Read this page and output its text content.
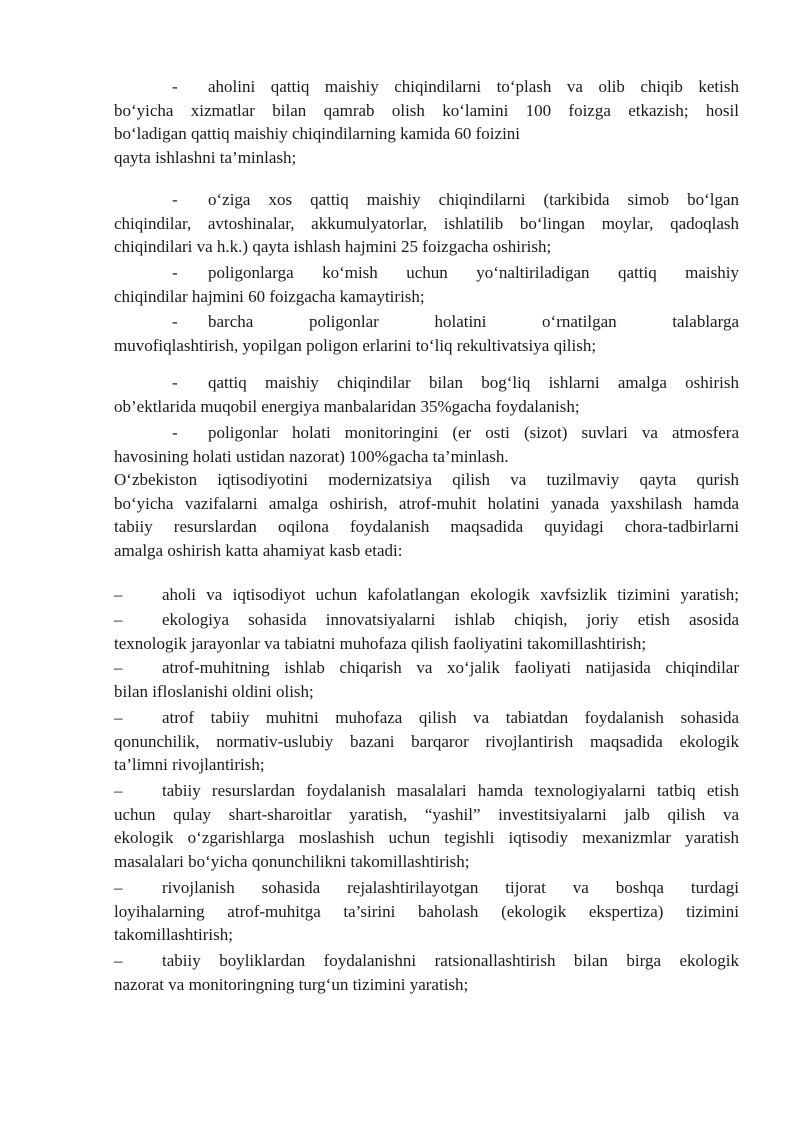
- aholini qattiq maishiy chiqindilarni to‘plash va olib chiqib ketish
bo‘yicha xizmatlar bilan qamrab olish ko‘lamini 100 foizga etkazish; hosil
bo‘ladigan qattiq maishiy chiqindilarning kamida 60 foizini
qayta ishlashni ta’minlash;
- o‘ziga xos qattiq maishiy chiqindilarni (tarkibida simob bo‘lgan
chiqindilar, avtoshinalar, akkumulyatorlar, ishlatilib bo‘lingan moylar, qadoqlash
chiqindilari va h.k.) qayta ishlash hajmini 25 foizgacha oshirish;
- poligonlarga ko‘mish uchun yo‘naltiriladigan qattiq maishiy
chiqindilar hajmini 60 foizgacha kamaytirish;
- barcha poligonlar holatini o‘rnatilgan talablarga
muvofiqlashtirish, yopilgan poligon erlarini to‘liq rekultivatsiya qilish;
- qattiq maishiy chiqindilar bilan bog‘liq ishlarni amalga oshirish
ob’ektlarida muqobil energiya manbalaridan 35%gacha foydalanish;
- poligonlar holati monitoringini (er osti (sizot) suvlari va atmosfera
havosining holati ustidan nazorat) 100%gacha ta’minlash.
O‘zbekiston iqtisodiyotini modernizatsiya qilish va tuzilmaviy qayta qurish
bo‘yicha vazifalarni amalga oshirish, atrof-muhit holatini yanada yaxshilash hamda
tabiiy resurslardan oqilona foydalanish maqsadida quyidagi chora-tadbirlarni
amalga oshirish katta ahamiyat kasb etadi:
– aholi va iqtisodiyot uchun kafolatlangan ekologik xavfsizlik tizimini yaratish;
– ekologiya sohasida innovatsiyalarni ishlab chiqish, joriy etish asosida
texnologik jarayonlar va tabiatni muhofaza qilish faoliyatini takomillashtirish;
– atrof-muhitning ishlab chiqarish va xo‘jalik faoliyati natijasida chiqindilar
bilan ifloslanishi oldini olish;
– atrof tabiiy muhitni muhofaza qilish va tabiatdan foydalanish sohasida
qonunchilik, normativ-uslubiy bazani barqaror rivojlantirish maqsadida ekologik
ta’limni rivojlantirish;
– tabiiy resurslardan foydalanish masalalari hamda texnologiyalarni tatbiq etish
uchun qulay shart-sharoitlar yaratish, “yashil” investitsiyalarni jalb qilish va
ekologik o‘zgarishlarga moslashish uchun tegishli iqtisodiy mexanizmlar yaratish
masalalari bo‘yicha qonunchilikni takomillashtirish;
– rivojlanish sohasida rejalashtirilayotgan tijorat va boshqa turdagi
loyihalarning atrof-muhitga ta’sirini baholash (ekologik ekspertiza) tizimini
takomillashtirish;
– tabiiy boyliklardan foydalanishni ratsionallashtirish bilan birga ekologik
nazorat va monitoringning turg‘un tizimini yaratish;
